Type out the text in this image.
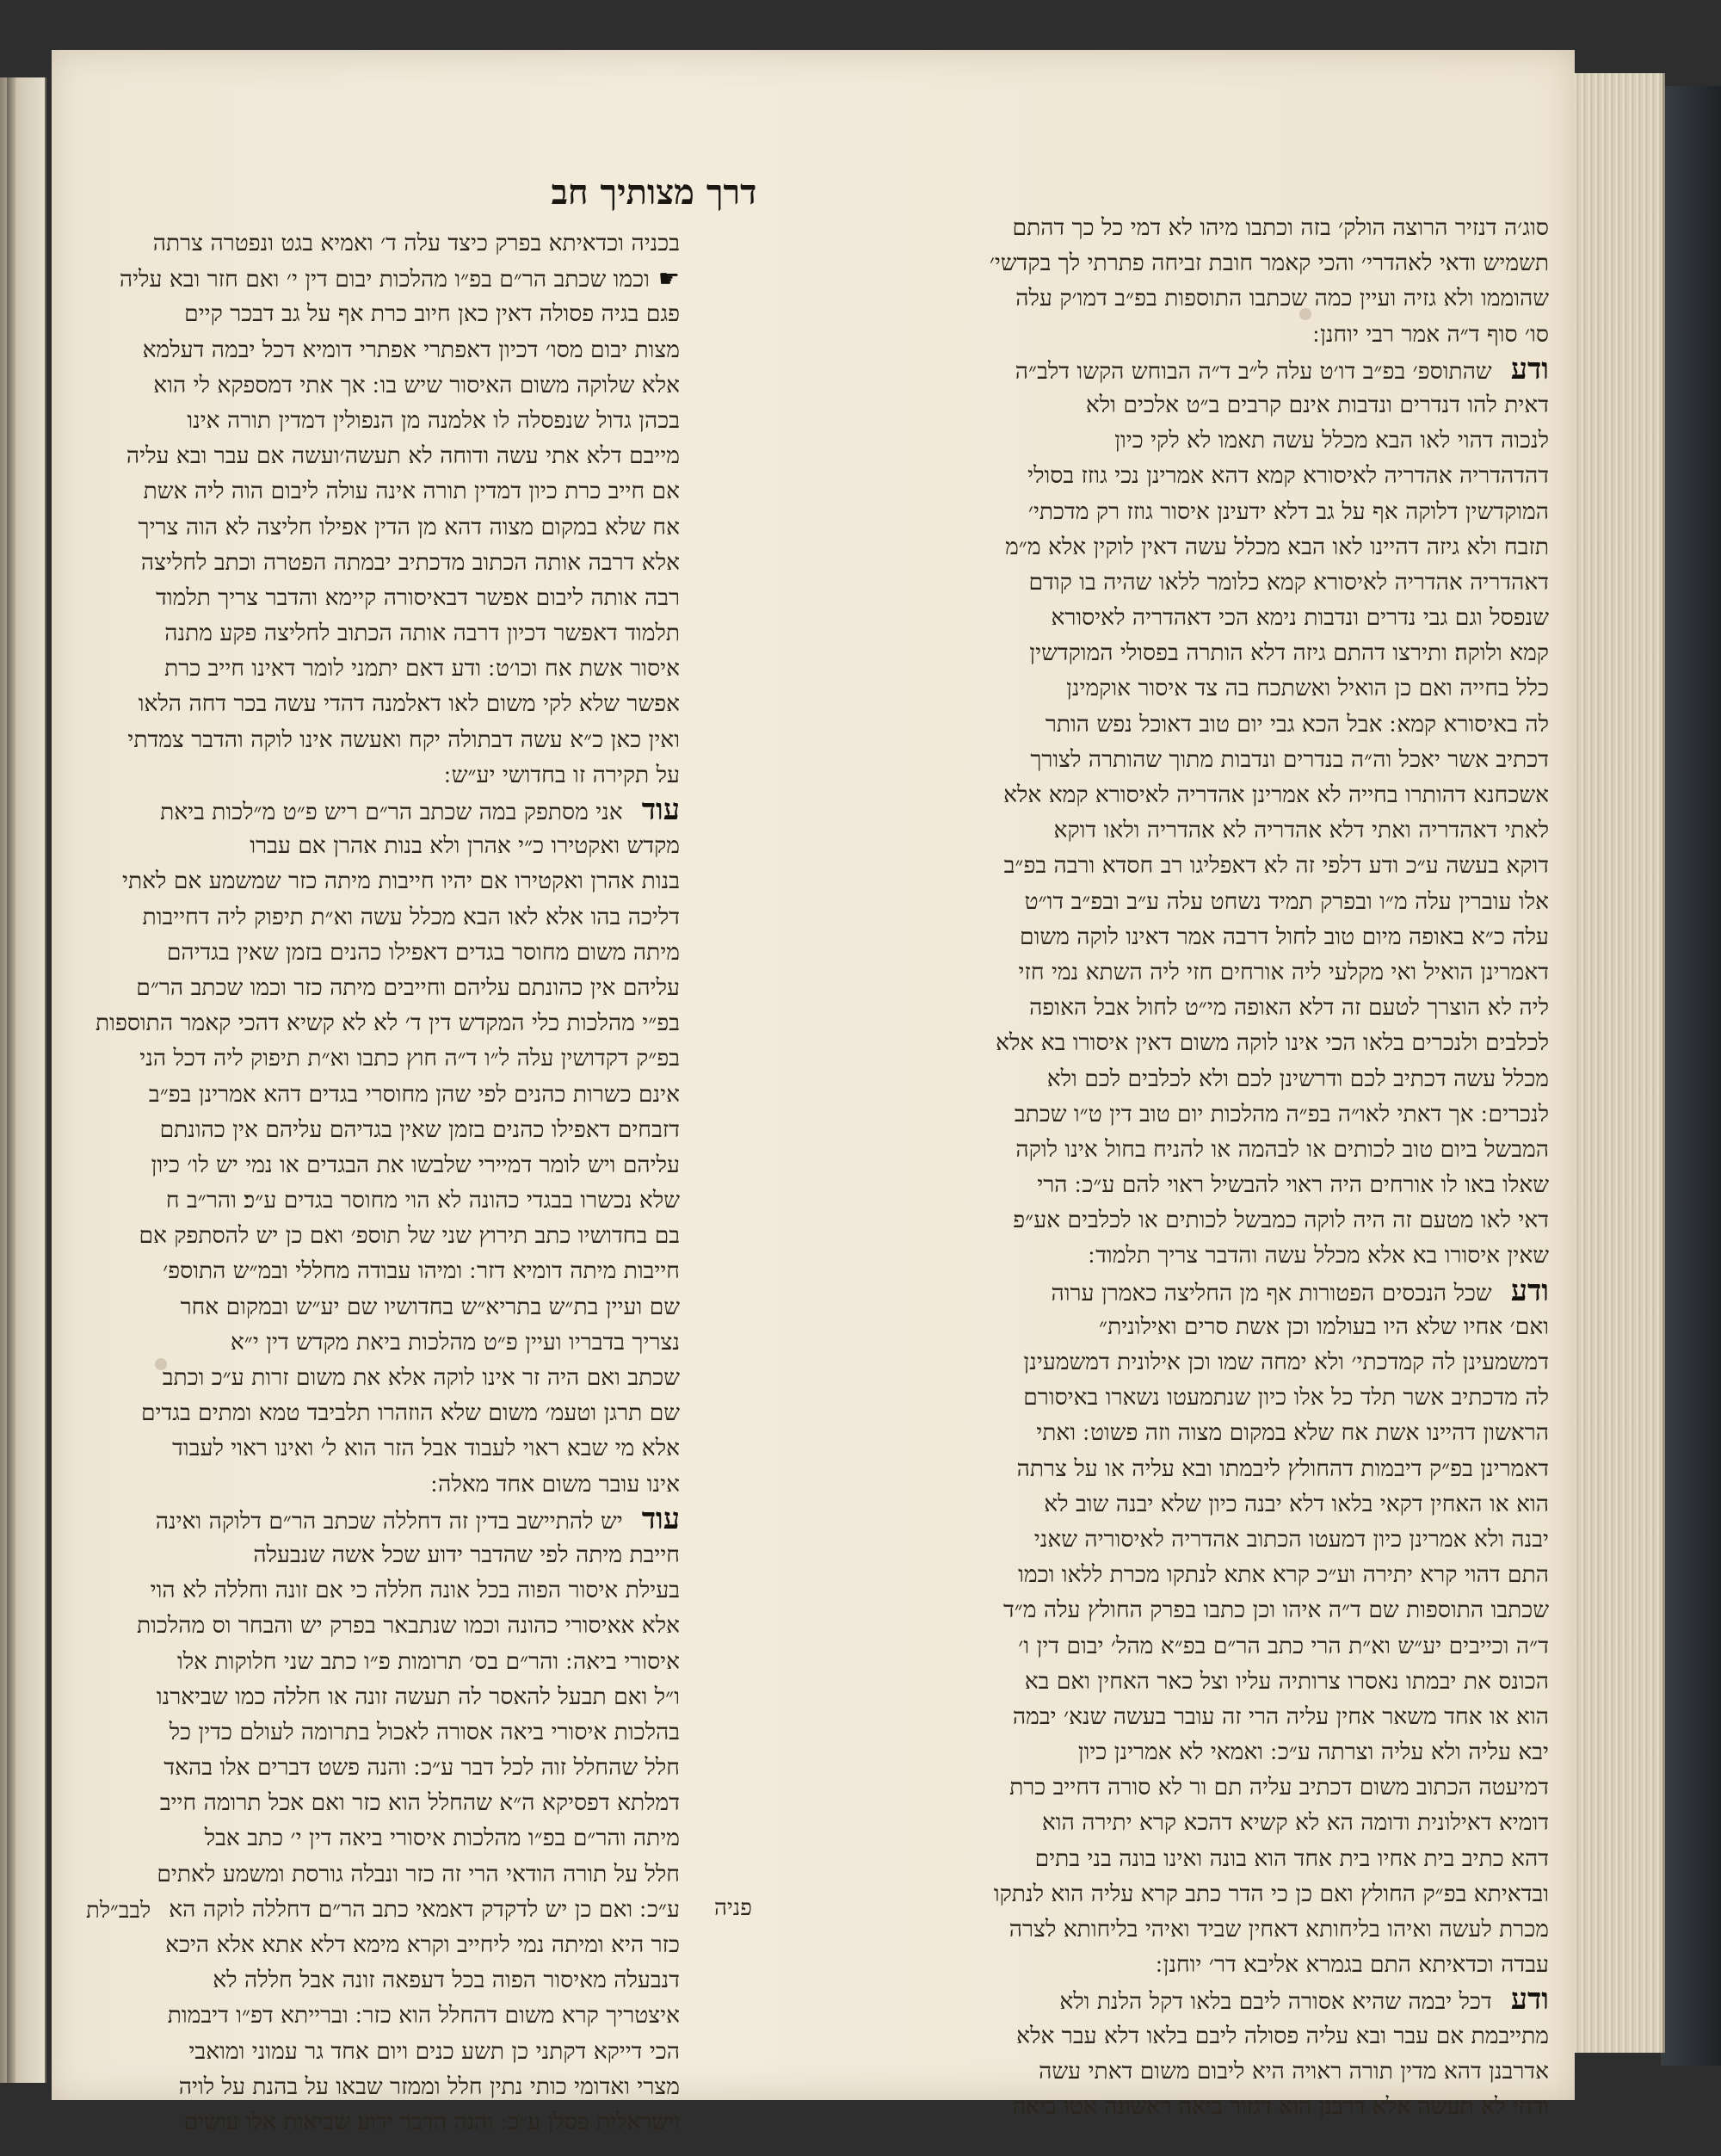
דרך מצותיך חב
סוג׳ה דנזיר הרוצה הולק׳ בזה וכתבו מיהו לא דמי כל כך דהתם
תשמיש ודאי לאהדרי׳ והכי קאמר חובת זביחה פתרתי לך בקדשי׳
שהוממו ולא גזיה ועיין כמה שכתבו התוספות בפ״ב דמו׳ק עלה
סו׳ סוף ד״ה אמר רבי יוחנן ׃
ודעשהתוספ׳ בפ״ב דו׳ט עלה ל״ב ד״ה הבוחש הקשו דלב״ה
דאית להו דנדרים ונדבות אינם קרבים ב״ט אלכים ולא
לנכוה דהוי לאו הבא מכלל עשה תאמו לא לקי כיון
דהדהדריה אהדריה לאיסורא קמא דהא אמרינן נכי גוזז בסולי
המוקדשין דלוקה אף על גב דלא ידעינן איסור גוזז רק מדכתי׳
תזבח ולא גיזה דהיינו לאו הבא מכלל עשה דאין לוקין אלא מ״מ
דאהדריה אהדריה לאיסורא קמא כלומר ללאו שהיה בו קודם
שנפסל וגם גבי נדרים ונדבות נימא הכי דאהדריה לאיסורא
קמא ולוקה׃ ותירצו דהתם גיזה דלא הותרה בפסולי המוקדשין
כלל בחייה ואם כן הואיל ואשתכח בה צד איסור אוקמינן
לה באיסורא קמא ׃ אבל הכא גבי יום טוב דאוכל נפש הותר
דכתיב אשר יאכל וה״ה בנדרים ונדבות מתוך שהותרה לצורך
אשכחנא דהותרו בחייה לא אמרינן אהדריה לאיסורא קמא אלא
לאתי דאהדריה ואתי דלא אהדריה לא אהדריה ולאו דוקא
דוקא בעשה ע״כ ודע דלפי זה לא דאפליגו רב חסדא ורבה בפ״ב
אלו עוברין עלה מ״ו ובפרק תמיד נשחט עלה ע״ב ובפ״ב דו״ט
עלה כ״א באופה מיום טוב לחול דרבה אמר דאינו לוקה משום
דאמרינן הואיל ואי מקלעי ליה אורחים חזי ליה השתא נמי חזי
ליה לא הוצרך לטעם זה דלא האופה מי״ט לחול אבל האופה
לכלבים ולנכרים בלאו הכי אינו לוקה משום דאין איסורו בא אלא
מכלל עשה דכתיב לכם ודרשינן לכם ולא לכלבים לכם ולא
לנכרים ׃ אך דאתי לאו״ה בפ״ה מהלכות יום טוב דין ט״ו שכתב
המבשל ביום טוב לכותים או לבהמה או להניח בחול אינו לוקה
שאלו באו לו אורחים היה ראוי להבשיל ראוי להם ע״כ ׃ הרי
דאי לאו מטעם זה היה לוקה כמבשל לכותים או לכלבים אע״פ
שאין איסורו בא אלא מכלל עשה והדבר צריך תלמוד ׃
ודעשכל הנכסים הפטורות אף מן החליצה כאמרן ערוה
ואם׳ אחיו שלא היו בעולמו וכן אשת סרים ואילונית״
דמשמעינן לה קמדכתי׳ ולא ימחה שמו וכן אילונית דמשמעינן
לה מדכתיב אשר תלד כל אלו כיון שנתמעטו נשארו באיסורם
הראשון דהיינו אשת אח שלא במקום מצוה וזה פשוט ׃ ואתי
דאמרינן בפ״ק דיבמות דהחולץ ליבמתו ובא עליה או על צרתה
הוא או האחין דקאי בלאו דלא יבנה כיון שלא יבנה שוב לא
יבנה ולא אמרינן כיון דמעטו הכתוב אהדריה לאיסוריה שאני
התם דהוי קרא יתירה וע״כ קרא אתא לנתקו מכרת ללאו וכמו
שכתבו התוספות שם ד״ה איהו וכן כתבו בפרק החולץ עלה מ״ד
ד״ה וכייבים יע״ש וא״ת הרי כתב הר״ם בפ״א מהל׳ יבום דין ו׳
הכונס את יבמתו נאסרו צרותיה עליו וצל כאר האחין ואם בא
הוא או אחד משאר אחין עליה הרי זה עובר בעשה שנא׳ יבמה
יבא עליה ולא עליה וצרתה ע״כ ׃ ואמאי לא אמרינן כיון
דמיעטה הכתוב משום דכתיב עליה תם ור לא סורה דחייב כרת
דומיא דאילונית ודומה הא לא קשיא דהכא קרא יתירה הוא
דהא כתיב בית אחיו בית אחד הוא בונה ואינו בונה בני בתים
ובדאיתא בפ״ק החולץ ואם כן כי הדר כתב קרא עליה הוא לנתקו
מכרת לעשה ואיהו בליחותא דאחין שביד ואיהי בליחותא לצרה
עבדה וכדאיתא התם בגמרא אליבא דר׳ יוחנן ׃
ודעדכל יבמה שהיא אסורה ליבם בלאו דקל הלנת ולא
מתייבמת אם עבר ובא עליה פסולה ליבם בלאו דלא עבר אלא
אדרבנן דהא מדין תורה ראויה היא ליבום משום דאתי עשה
ודחי לא תעשה אלא דרבנן הוא דגזור ביאה ראשונה אטו ביאה
בכניה וכדאיתא בפרק כיצד עלה ד׳ ואמיא בגט ונפטרה צרתה
☛וכמו שכתב הר״ם בפ״ו מהלכות יבום דין י׳ ואם חזר ובא עליה
פגם בגיה פסולה דאין כאן חיוב כרת אף על גב דבכר קיים
מצות יבום מסו׳ דכיון דאפתרי אפתרי דומיא דכל יבמה דעלמא
אלא שלוקה משום האיסור שיש בו ׃ אך אתי דמספקא לי הוא
בכהן גדול שנפסלה לו אלמנה מן הנפולין דמדין תורה אינו
מייבם דלא אתי עשה ודוחה לא תעשה׳ועשה אם עבר ובא עליה
אם חייב כרת כיון דמדין תורה אינה עולה ליבום הוה ליה אשת
אח שלא במקום מצוה דהא מן הדין אפילו חליצה לא הוה צריך
אלא דרבה אותה הכתוב מדכתיב יבמתה הפטרה וכתב לחליצה
רבה אותה ליבום אפשר דבאיסורה קיימא והדבר צריך תלמוד
תלמוד דאפשר דכיון דרבה אותה הכתוב לחליצה פקע מתנה
איסור אשת אח וכו׳ט ׃ ודע דאם יתמני לומר דאינו חייב כרת
אפשר שלא לקי משום לאו דאלמנה דהדי עשה בכר דחה הלאו
ואין כאן כ״א עשה דבתולה יקח ואעשה אינו לוקה והדבר צמדתי
על תקירה זו בחדושי יע״ש ׃
עודאני מסתפק במה שכתב הר״ם ריש פ״ט מ״לכות ביאת
מקדש ואקטירו כ״י אהרן ולא בנות אהרן אם עברו
בנות אהרן ואקטירו אם יהיו חייבות מיתה כזר שמשמע אם לאתי
דליכה בהו אלא לאו הבא מכלל עשה וא״ת תיפוק ליה דחייבות
מיתה משום מחוסר בגדים דאפילו כהנים בזמן שאין בגדיהם
עליהם אין כהונתם עליהם וחייבים מיתה כזר וכמו שכתב הר״ם
בפ״י מהלכות כלי המקדש דין ד׳ לא לא קשיא דהכי קאמר התוספות
בפ״ק דקדושין עלה ל״ו ד״ה חוץ כתבו וא״ת תיפוק ליה דכל הני
אינם כשרות כהנים לפי שהן מחוסרי בגדים דהא אמרינן בפ״ב
דזבחים דאפילו כהנים בזמן שאין בגדיהם עליהם אין כהונתם
עליהם ויש לומר דמיירי שלבשו את הבגדים או נמי יש לו׳ כיון
שלא נכשרו בבגדי כהונה לא הוי מחוסר בגדים ע״כ׃ והר״ב ח
בם בחדושיו כתב תירוץ שני של תוספ׳ ואם כן יש להסתפק אם
חייבות מיתה דומיא דזר ׃ ומיהו עבודה מחללי ובמ״ש התוספ׳
שם ועיין בת״ש בתריא״ש בחדושיו שם יע״ש ובמקום אחר
נצריך בדבריו ועיין פ״ט מהלכות ביאת מקדש דין י״א
שכתב ואם היה זר אינו לוקה אלא את משום זרות ע״כ וכתב
שם תרגן וטעמ׳ משום שלא הוזהרו תלביבד טמא ומתים בגדים
אלא מי שבא ראוי לעבוד אבל הזר הוא ל׳ ואינו ראוי לעבוד
אינו עובר משום אחד מאלה ׃
עודיש להתיישב בדין זה דחללה שכתב הר״ם דלוקה ואינה
חייבת מיתה לפי שהדבר ידוע שכל אשה שנבעלה
בעילת איסור הפוה בכל אונה חללה כי אם זונה וחללה לא הוי
אלא אאיסורי כהונה וכמו שנתבאר בפרק יש והבחר וס מהלכות
איסורי ביאה ׃ והר״ם בס׳ תרומות פ״ו כתב שני חלוקות אלו
ו״ל ואם תבעל להאסר לה תעשה זונה או חללה כמו שביארנו
בהלכות איסורי ביאה אסורה לאכול בתרומה לעולם כדין כל
חלל שהחלל זוה לכל דבר ע״כ ׃ והנה פשט דברים אלו בהאד
דמלתא דפסיקא ה״א שהחלל הוא כזר ואם אכל תרומה חייב
מיתה והר״ם בפ״ו מהלכות איסורי ביאה דין י׳ כתב אבל
חלל על תורה הודאי הרי זה כזר ונבלה גורסת ומשמע לאתים
ע״כ ׃ ואם כן יש לדקדק דאמאי כתב הר״ם דחללה לוקה הא
כזר היא ומיתה נמי ליחייב וקרא מימא דלא אתא אלא היכא
דנבעלה מאיסור הפוה בכל דעפאה זונה אבל חללה לא
איצטריך קרא משום דהחלל הוא כזר ׃ וברייתא דפ״ו דיבמות
הכי דייקא דקתני כן תשע כנים ויום אחד גר עמוני ומואבי
מצרי ואדומי כותי נתין חלל וממזר שבאו על בהנת על לויה
וישראלית פסלן ע״כ ׃ והנה הדבר ידוע שביאות אלו עושים
פניה
לבב״לת
